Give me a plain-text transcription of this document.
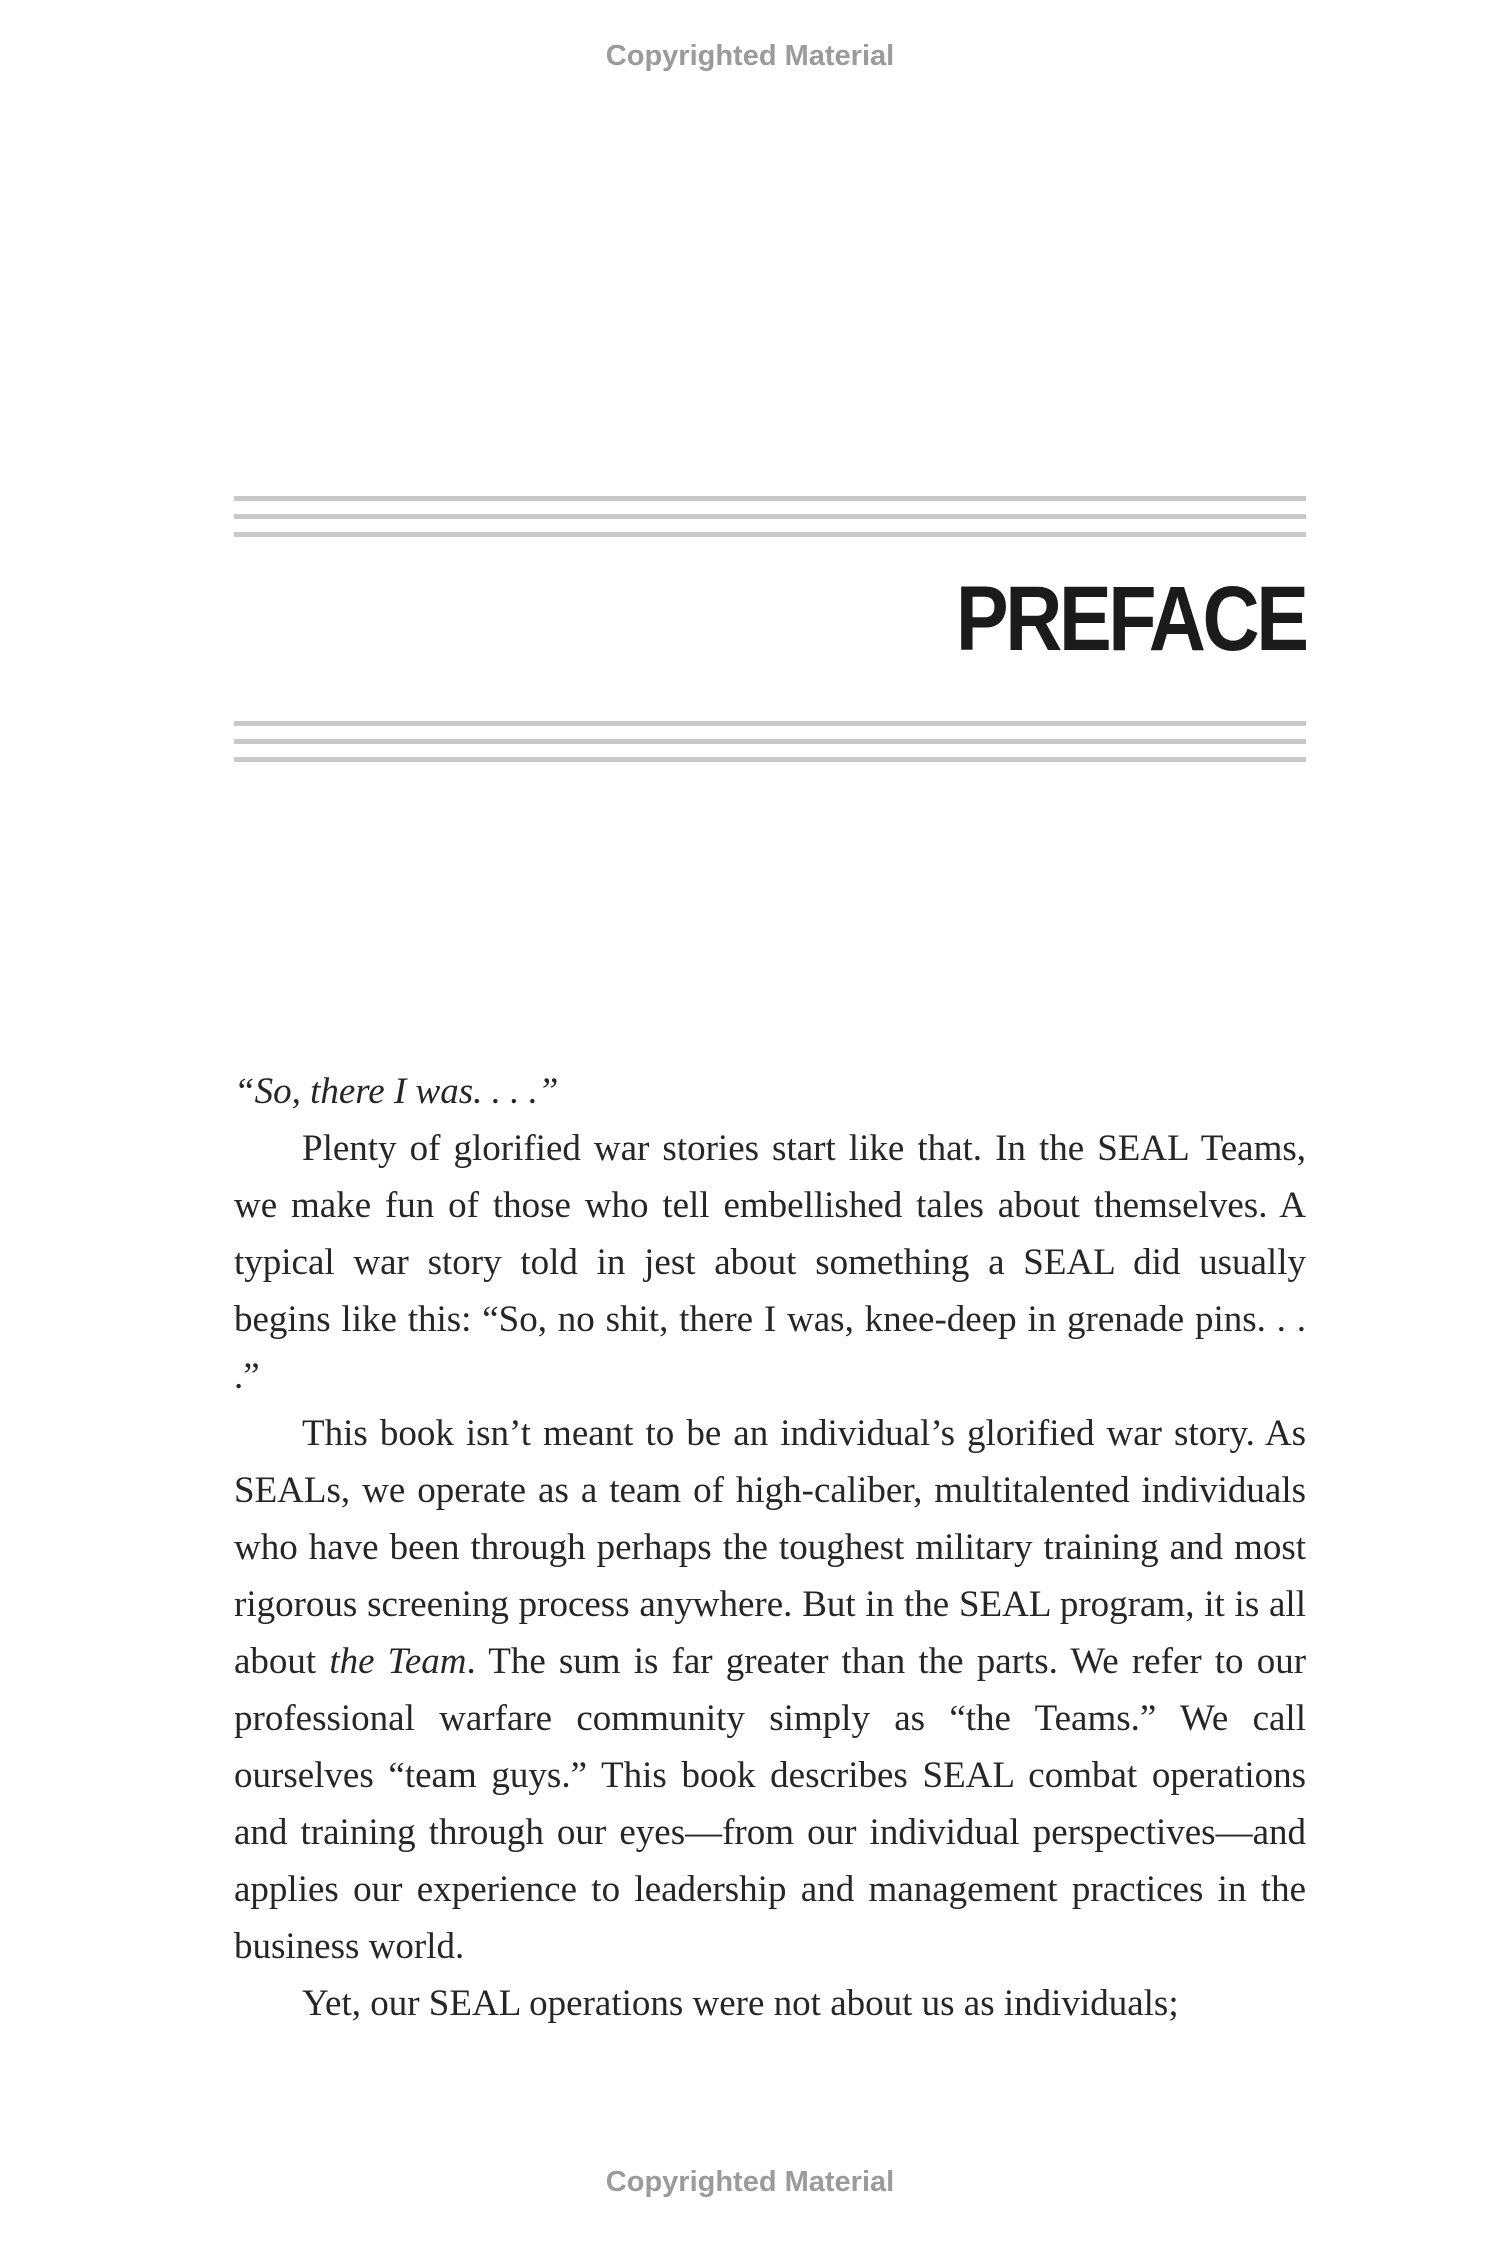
Copyrighted Material
PREFACE

“So, there I was. . . .”

Plenty of glorified war stories start like that. In the SEAL Teams, we make fun of those who tell embellished tales about themselves. A typical war story told in jest about something a SEAL did usually begins like this: “So, no shit, there I was, knee-deep in grenade pins. . . .”

This book isn’t meant to be an individual’s glorified war story. As SEALs, we operate as a team of high-caliber, multitalented individuals who have been through perhaps the toughest military training and most rigorous screening process anywhere. But in the SEAL program, it is all about the Team. The sum is far greater than the parts. We refer to our professional warfare community simply as “the Teams.” We call ourselves “team guys.” This book describes SEAL combat operations and training through our eyes—from our individual perspectives—and applies our experience to leadership and management practices in the business world.

Yet, our SEAL operations were not about us as individuals;

Copyrighted Material
